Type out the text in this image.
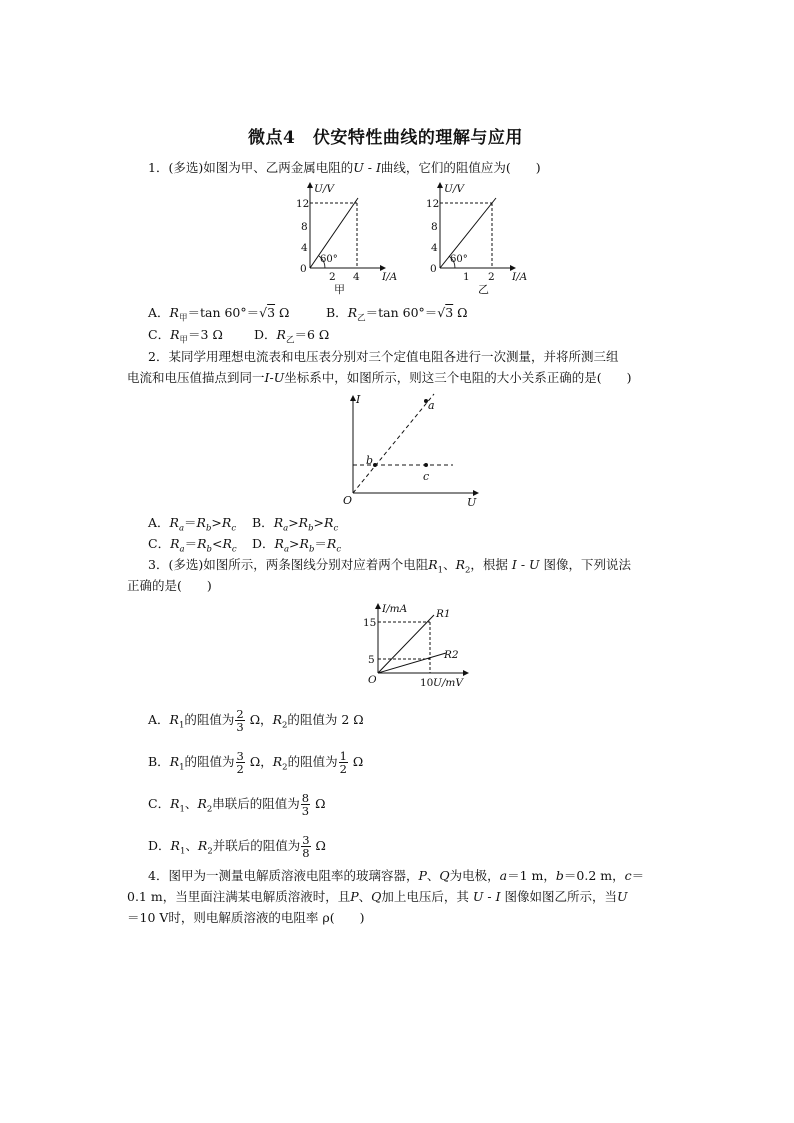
微点4　伏安特性曲线的理解与应用
1．(多选)如图为甲、乙两金属电阻的U - I曲线，它们的阻值应为(　　)
60°
U/V
I/A
12
8
4
0
2 4
甲
60°
U/V
I/A
12
8
4
0
1 2
乙
A．$R_甲=\tan$ 60°＝√3 Ω	B．$R_乙=\tan$ 60°＝√3 Ω
C．$R_甲=3$ Ω D．$R_乙=6$ Ω
2．某同学用理想电流表和电压表分别对三个定值电阻各进行一次测量，并将所测三组
电流和电压值描点到同一I-U坐标系中，如图所示，则这三个电阻的大小关系正确的是(　　)
I
U
O
a
b
c
A．$R_a=R_b>R_c$ B．$R_a>R_b>R_c$
C．$R_a=R_b<R_c$ D．$R_a>R_b=R_c$
3．(多选)如图所示，两条图线分别对应着两个电阻$R_1$、$R_2$，根据 I - U 图像，下列说法
正确的是(　　)
I/mA
U/mV
15
5
10
O
R1
R2
A．$R_1$的阻值为 $\frac{2}{3}$ Ω，$R_2$的阻值为 2 Ω
B．$R_1$的阻值为 $\frac{3}{2}$ Ω，$R_2$的阻值为 $\frac{1}{2}$ Ω
C．$R_1$、$R_2$串联后的阻值为 $\frac{8}{3}$ Ω
D．$R_1$、$R_2$并联后的阻值为 $\frac{3}{8}$ Ω
4．图甲为一测量电解质溶液电阻率的玻璃容器，P、Q为电极，a＝1 m，b＝0.2 m，c＝
0.1 m，当里面注满某电解质溶液时，且P、Q加上电压后，其 U - I 图像如图乙所示，当U
＝10 V时，则电解质溶液的电阻率 ρ(　　)
